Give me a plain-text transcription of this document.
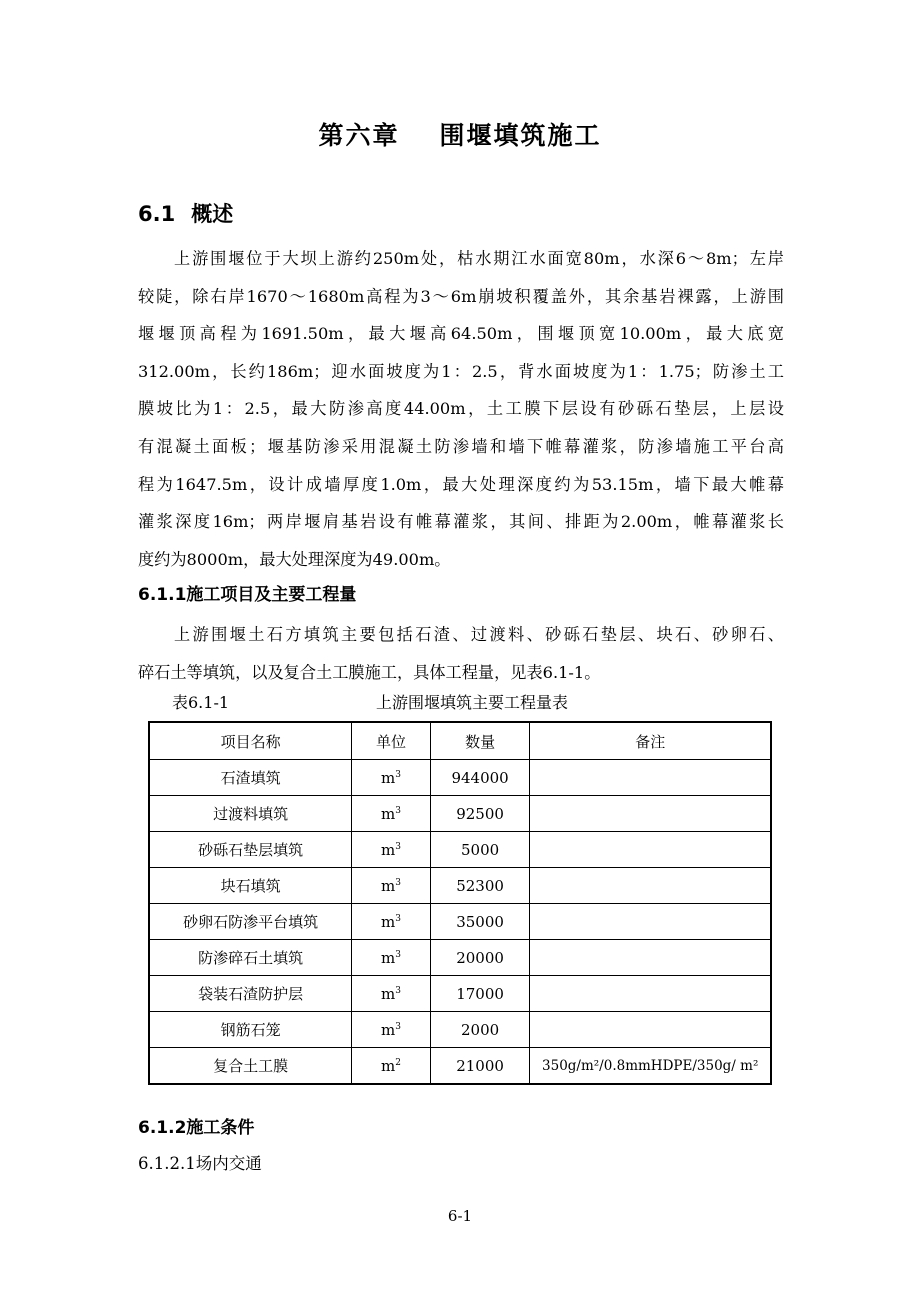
第六章 围堰填筑施工
6.1 概述
上游围堰位于大坝上游约250m处，枯水期江水面宽80m，水深6～8m；左岸
较陡，除右岸1670～1680m高程为3～6m崩坡积覆盖外，其余基岩裸露，上游围
堰堰顶高程为1691.50m，最大堰高64.50m，围堰顶宽10.00m，最大底宽
312.00m，长约186m；迎水面坡度为1：2.5，背水面坡度为1：1.75；防渗土工
膜坡比为1：2.5，最大防渗高度44.00m，土工膜下层设有砂砾石垫层，上层设
有混凝土面板；堰基防渗采用混凝土防渗墙和墙下帷幕灌浆，防渗墙施工平台高
程为1647.5m，设计成墙厚度1.0m，最大处理深度约为53.15m，墙下最大帷幕
灌浆深度16m；两岸堰肩基岩设有帷幕灌浆，其间、排距为2.00m，帷幕灌浆长
度约为8000m，最大处理深度为49.00m。
6.1.1施工项目及主要工程量
上游围堰土石方填筑主要包括石渣、过渡料、砂砾石垫层、块石、砂卵石、
碎石土等填筑，以及复合土工膜施工，具体工程量，见表6.1-1。
表6.1-1	上游围堰填筑主要工程量表
项目名称	单位	数量	备注
石渣填筑	$m^3$	944000	
过渡料填筑	$m^3$	92500	
砂砾石垫层填筑	$m^3$	5000	
块石填筑	$m^3$	52300	
砂卵石防渗平台填筑	$m^3$	35000	
防渗碎石土填筑	$m^3$	20000	
袋装石渣防护层	$m^3$	17000	
钢筋石笼	$m^3$	2000	
复合土工膜	$m^2$	21000	350g/m²/0.8mmHDPE/350g/ m²
6.1.2施工条件
6.1.2.1场内交通
6-1
